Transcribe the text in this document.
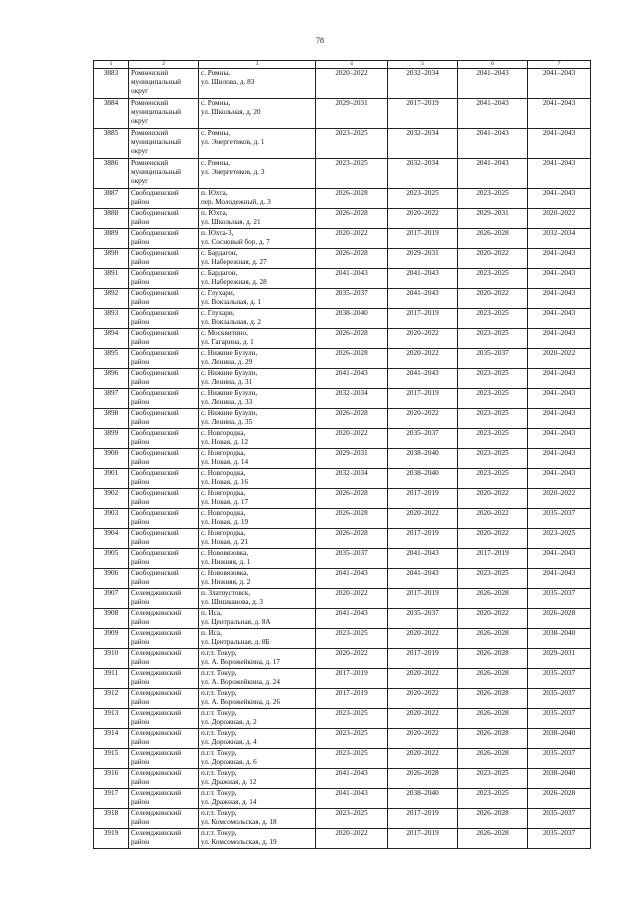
78
1	2	3	4	5	6	7
3883	Ромненский
муниципальный
округ	с. Ромны,
ул. Шилова, д. 83	2020–2022	2032–2034	2041–2043	2041–2043
3884	Ромненский
муниципальный
округ	с. Ромны,
ул. Школьная, д. 20	2029–2031	2017–2019	2041–2043	2041–2043
3885	Ромненский
муниципальный
округ	с. Ромны,
ул. Энергетиков, д. 1	2023–2025	2032–2034	2041–2043	2041–2043
3886	Ромненский
муниципальный
округ	с. Ромны,
ул. Энергетиков, д. 3	2023–2025	2032–2034	2041–2043	2041–2043
3887	Свободненский
район	п. Юхта,
пер. Молодежный, д. 3	2026–2028	2023–2025	2023–2025	2041–2043
3888	Свободненский
район	п. Юхта,
ул. Школьная, д. 21	2026–2028	2020–2022	2029–2031	2020–2022
3889	Свободненский
район	п. Юхта-3,
ул. Сосновый бор, д. 7	2020–2022	2017–2019	2026–2028	2032–2034
3890	Свободненский
район	с. Бардагон,
ул. Набережная, д. 27	2026–2028	2029–2031	2020–2022	2041–2043
3891	Свободненский
район	с. Бардагон,
ул. Набережная, д. 28	2041–2043	2041–2043	2023–2025	2041–2043
3892	Свободненский
район	с. Глухари,
ул. Вокзальная, д. 1	2035–2037	2041–2043	2020–2022	2041–2043
3893	Свободненский
район	с. Глухари,
ул. Вокзальная, д. 2	2038–2040	2017–2019	2023–2025	2041–2043
3894	Свободненский
район	с. Москвитино,
ул. Гагарина, д. 1	2026–2028	2020–2022	2023–2025	2041–2043
3895	Свободненский
район	с. Нижние Бузули,
ул. Ленина, д. 29	2026–2028	2020–2022	2035–2037	2020–2022
3896	Свободненский
район	с. Нижние Бузули,
ул. Ленина, д. 31	2041–2043	2041–2043	2023–2025	2041–2043
3897	Свободненский
район	с. Нижние Бузули,
ул. Ленина, д. 33	2032–2034	2017–2019	2023–2025	2041–2043
3898	Свободненский
район	с. Нижние Бузули,
ул. Ленина, д. 35	2026–2028	2020–2022	2023–2025	2041–2043
3899	Свободненский
район	с. Новгородка,
ул. Новая, д. 12	2020–2022	2035–2037	2023–2025	2041–2043
3900	Свободненский
район	с. Новгородка,
ул. Новая, д. 14	2029–2031	2038–2040	2023–2025	2041–2043
3901	Свободненский
район	с. Новгородка,
ул. Новая, д. 16	2032–2034	2038–2040	2023–2025	2041–2043
3902	Свободненский
район	с. Новгородка,
ул. Новая, д. 17	2026–2028	2017–2019	2020–2022	2020–2022
3903	Свободненский
район	с. Новгородка,
ул. Новая, д. 19	2026–2028	2020–2022	2020–2022	2035–2037
3904	Свободненский
район	с. Новгородка,
ул. Новая, д. 21	2026–2028	2017–2019	2020–2022	2023–2025
3905	Свободненский
район	с. Нововязовка,
ул. Нижняя, д. 1	2035–2037	2041–2043	2017–2019	2041–2043
3906	Свободненский
район	с. Нововязовка,
ул. Нижняя, д. 2	2041–2043	2041–2043	2023–2025	2041–2043
3907	Селемджинский
район	п. Златоустовск,
ул. Шишканова, д. 3	2020–2022	2017–2019	2026–2028	2035–2037
3908	Селемджинский
район	п. Иса,
ул. Центральная, д. 8А	2041–2043	2035–2037	2020–2022	2026–2028
3909	Селемджинский
район	п. Иса,
ул. Центральная, д. 8Б	2023–2025	2020–2022	2026–2028	2038–2040
3910	Селемджинский
район	п.г.т. Токур,
ул. А. Ворожейкина, д. 17	2020–2022	2017–2019	2026–2028	2029–2031
3911	Селемджинский
район	п.г.т. Токур,
ул. А. Ворожейкина, д. 24	2017–2019	2020–2022	2026–2028	2035–2037
3912	Селемджинский
район	п.г.т. Токур,
ул. А. Ворожейкина, д. 26	2017–2019	2020–2022	2026–2028	2035–2037
3913	Селемджинский
район	п.г.т. Токур,
ул. Дорожная, д. 2	2023–2025	2020–2022	2026–2028	2035–2037
3914	Селемджинский
район	п.г.т. Токур,
ул. Дорожная, д. 4	2023–2025	2020–2022	2026–2028	2038–2040
3915	Селемджинский
район	п.г.т. Токур,
ул. Дорожная, д. 6	2023–2025	2020–2022	2026–2028	2035–2037
3916	Селемджинский
район	п.г.т. Токур,
ул. Дражная, д. 12	2041–2043	2026–2028	2023–2025	2038–2040
3917	Селемджинский
район	п.г.т. Токур,
ул. Дражная, д. 14	2041–2043	2038–2040	2023–2025	2026–2028
3918	Селемджинский
район	п.г.т. Токур,
ул. Комсомольская, д. 18	2023–2025	2017–2019	2026–2028	2035–2037
3919	Селемджинский
район	п.г.т. Токур,
ул. Комсомольская, д. 19	2020–2022	2017–2019	2026–2028	2035–2037
